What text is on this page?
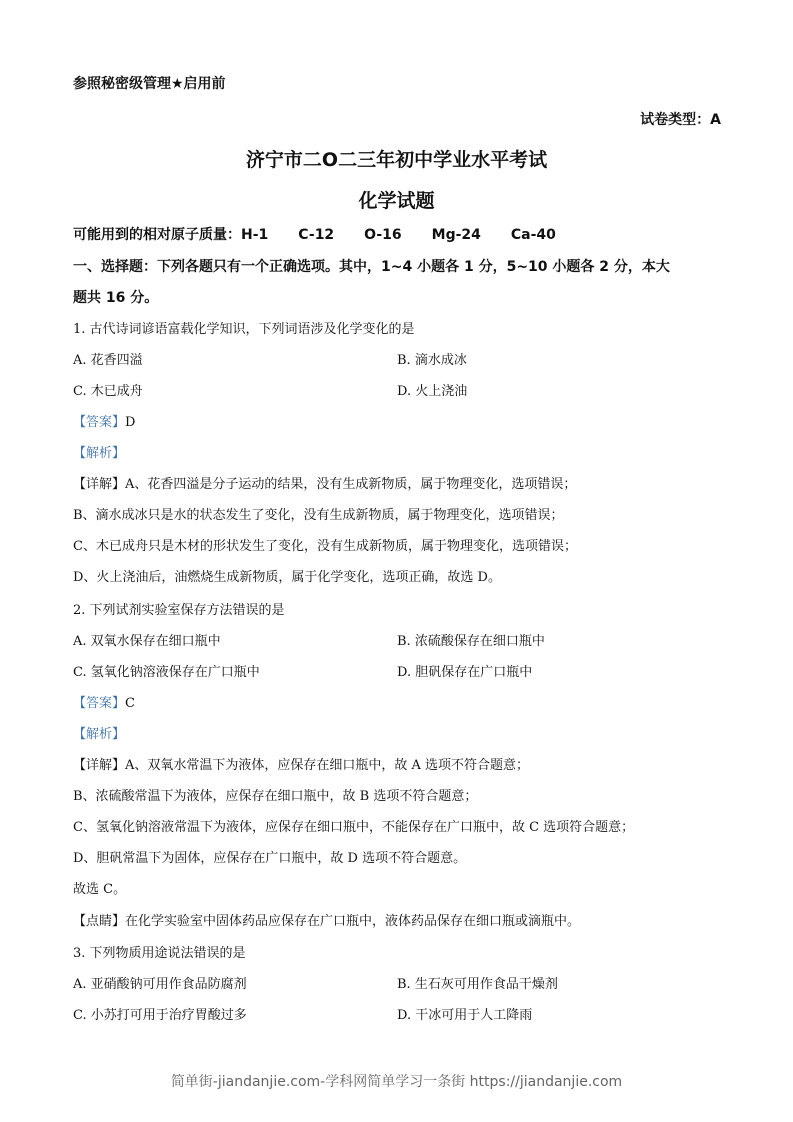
参照秘密级管理★启用前
试卷类型：A
济宁市二O二三年初中学业水平考试
化学试题
可能用到的相对原子质量：H-1 C-12 O-16 Mg-24 Ca-40
一、选择题：下列各题只有一个正确选项。其中，1~4 小题各 1 分，5~10 小题各 2 分，本大
题共 16 分。
1. 古代诗词谚语富载化学知识，下列词语涉及化学变化的是
A. 花香四溢	B. 滴水成冰
C. 木已成舟	D. 火上浇油
【答案】D
【解析】
【详解】A、花香四溢是分子运动的结果，没有生成新物质，属于物理变化，选项错误；
B、滴水成冰只是水的状态发生了变化，没有生成新物质，属于物理变化，选项错误；
C、木已成舟只是木材的形状发生了变化，没有生成新物质，属于物理变化，选项错误；
D、火上浇油后，油燃烧生成新物质，属于化学变化，选项正确，故选 D。
2. 下列试剂实验室保存方法错误的是
A. 双氧水保存在细口瓶中	B. 浓硫酸保存在细口瓶中
C. 氢氧化钠溶液保存在广口瓶中	D. 胆矾保存在广口瓶中
【答案】C
【解析】
【详解】A、双氧水常温下为液体，应保存在细口瓶中，故 A 选项不符合题意；
B、浓硫酸常温下为液体，应保存在细口瓶中，故 B 选项不符合题意；
C、氢氧化钠溶液常温下为液体，应保存在细口瓶中，不能保存在广口瓶中，故 C 选项符合题意；
D、胆矾常温下为固体，应保存在广口瓶中，故 D 选项不符合题意。
故选 C。
【点睛】在化学实验室中固体药品应保存在广口瓶中，液体药品保存在细口瓶或滴瓶中。
3. 下列物质用途说法错误的是
A. 亚硝酸钠可用作食品防腐剂	B. 生石灰可用作食品干燥剂
C. 小苏打可用于治疗胃酸过多	D. 干冰可用于人工降雨
简单街-jiandanjie.com-学科网简单学习一条街 https://jiandanjie.com
